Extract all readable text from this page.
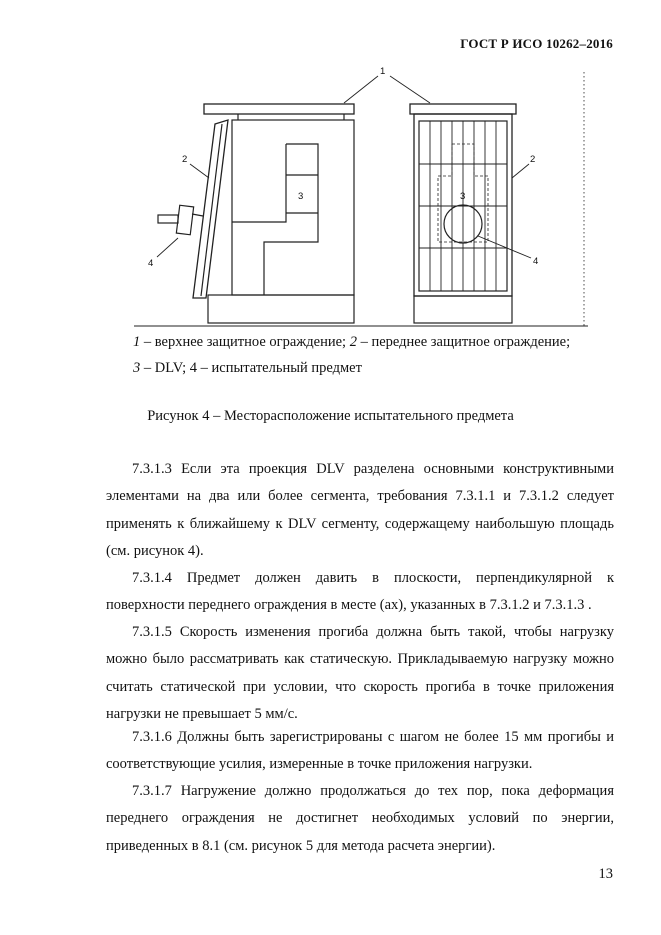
ГОСТ Р ИСО 10262–2016
1
2	2
3	3
4	4
1 – верхнее защитное ограждение; 2 – переднее защитное ограждение;
3 – DLV; 4 – испытательный предмет
Рисунок 4 – Месторасположение испытательного предмета
7.3.1.3 Если эта проекция DLV разделена основными конструктивными элементами на два или более сегмента, требования 7.3.1.1 и 7.3.1.2 следует применять к ближайшему к DLV сегменту, содержащему наибольшую площадь (см. рисунок 4).
7.3.1.4 Предмет должен давить в плоскости, перпендикулярной к поверхности переднего ограждения в месте (ах), указанных в 7.3.1.2 и 7.3.1.3 .
7.3.1.5 Скорость изменения прогиба должна быть такой, чтобы нагрузку можно было рассматривать как статическую. Прикладываемую нагрузку можно считать статической при условии, что скорость прогиба в точке приложения нагрузки не превышает 5 мм/с.
7.3.1.6 Должны быть зарегистрированы с шагом не более 15 мм прогибы и соответствующие усилия, измеренные в точке приложения нагрузки.
7.3.1.7 Нагружение должно продолжаться до тех пор, пока деформация переднего ограждения не достигнет необходимых условий по энергии, приведенных в 8.1 (см. рисунок 5 для метода расчета энергии).
13
